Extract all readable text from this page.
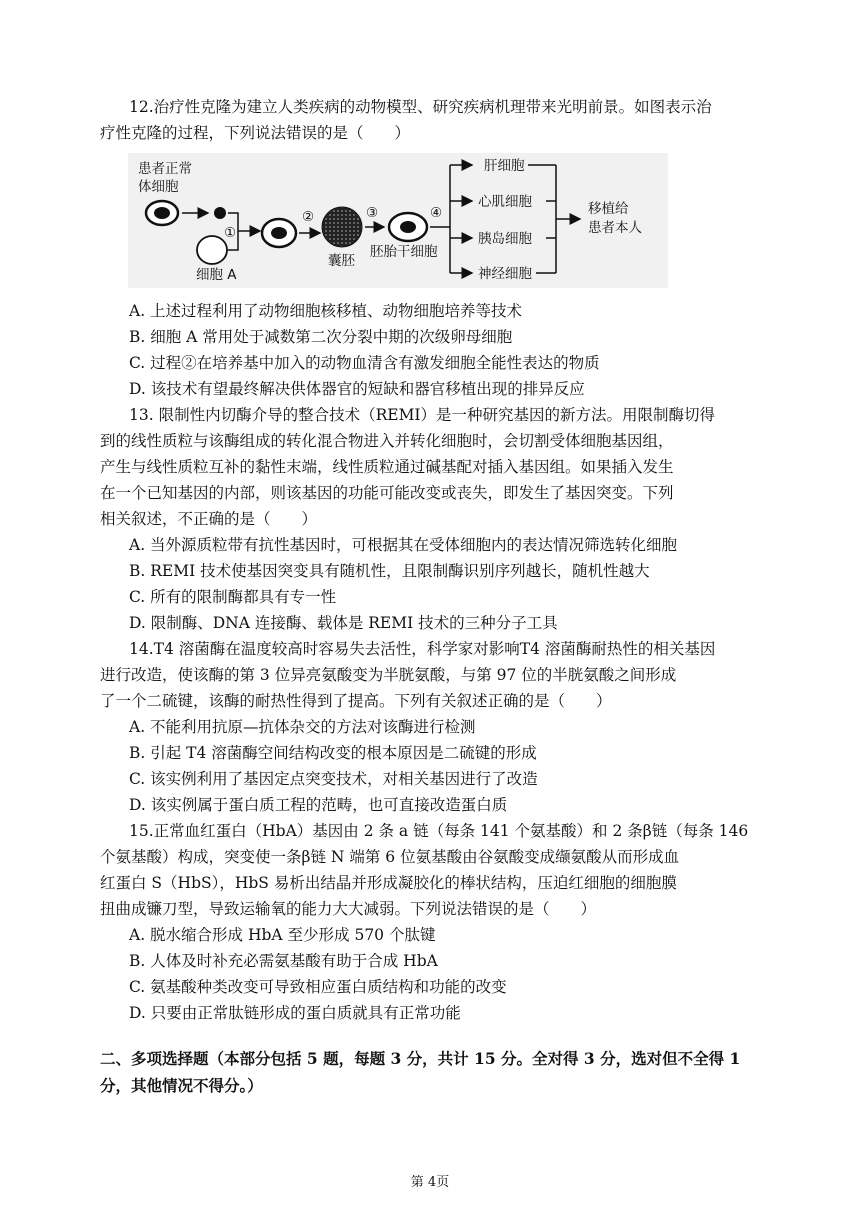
12.治疗性克隆为建立人类疾病的动物模型、研究疾病机理带来光明前景。如图表示治
疗性克隆的过程，下列说法错误的是（　　）
患者正常
体细胞
细胞 A
①
②
囊胚
③
胚胎干细胞
④
肝细胞
心肌细胞
胰岛细胞
神经细胞
移植给
患者本人
A. 上述过程利用了动物细胞核移植、动物细胞培养等技术
B. 细胞 A 常用处于减数第二次分裂中期的次级卵母细胞
C. 过程②在培养基中加入的动物血清含有激发细胞全能性表达的物质
D. 该技术有望最终解决供体器官的短缺和器官移植出现的排异反应
13. 限制性内切酶介导的整合技术（REMI）是一种研究基因的新方法。用限制酶切得
到的线性质粒与该酶组成的转化混合物进入并转化细胞时，会切割受体细胞基因组，
产生与线性质粒互补的黏性末端，线性质粒通过碱基配对插入基因组。如果插入发生
在一个已知基因的内部，则该基因的功能可能改变或丧失，即发生了基因突变。下列
相关叙述，不正确的是（　　）
A. 当外源质粒带有抗性基因时，可根据其在受体细胞内的表达情况筛选转化细胞
B. REMI 技术使基因突变具有随机性，且限制酶识别序列越长，随机性越大
C. 所有的限制酶都具有专一性
D. 限制酶、DNA 连接酶、载体是 REMI 技术的三种分子工具
14.T4 溶菌酶在温度较高时容易失去活性，科学家对影响T4 溶菌酶耐热性的相关基因
进行改造，使该酶的第 3 位异亮氨酸变为半胱氨酸，与第 97 位的半胱氨酸之间形成
了一个二硫键，该酶的耐热性得到了提高。下列有关叙述正确的是（　　）
A. 不能利用抗原—抗体杂交的方法对该酶进行检测
B. 引起 T4 溶菌酶空间结构改变的根本原因是二硫键的形成
C. 该实例利用了基因定点突变技术，对相关基因进行了改造
D. 该实例属于蛋白质工程的范畴，也可直接改造蛋白质
15.正常血红蛋白（HbA）基因由 2 条 a 链（每条 141 个氨基酸）和 2 条β链（每条 146
个氨基酸）构成，突变使一条β链 N 端第 6 位氨基酸由谷氨酸变成缬氨酸从而形成血
红蛋白 S（HbS），HbS 易析出结晶并形成凝胶化的棒状结构，压迫红细胞的细胞膜
扭曲成镰刀型，导致运输氧的能力大大减弱。下列说法错误的是（　　）
A. 脱水缩合形成 HbA 至少形成 570 个肽键
B. 人体及时补充必需氨基酸有助于合成 HbA
C. 氨基酸种类改变可导致相应蛋白质结构和功能的改变
D. 只要由正常肽链形成的蛋白质就具有正常功能
二、多项选择题（本部分包括 5 题，每题 3 分，共计 15 分。全对得 3 分，选对但不全得 1
分，其他情况不得分。）
第 4页
